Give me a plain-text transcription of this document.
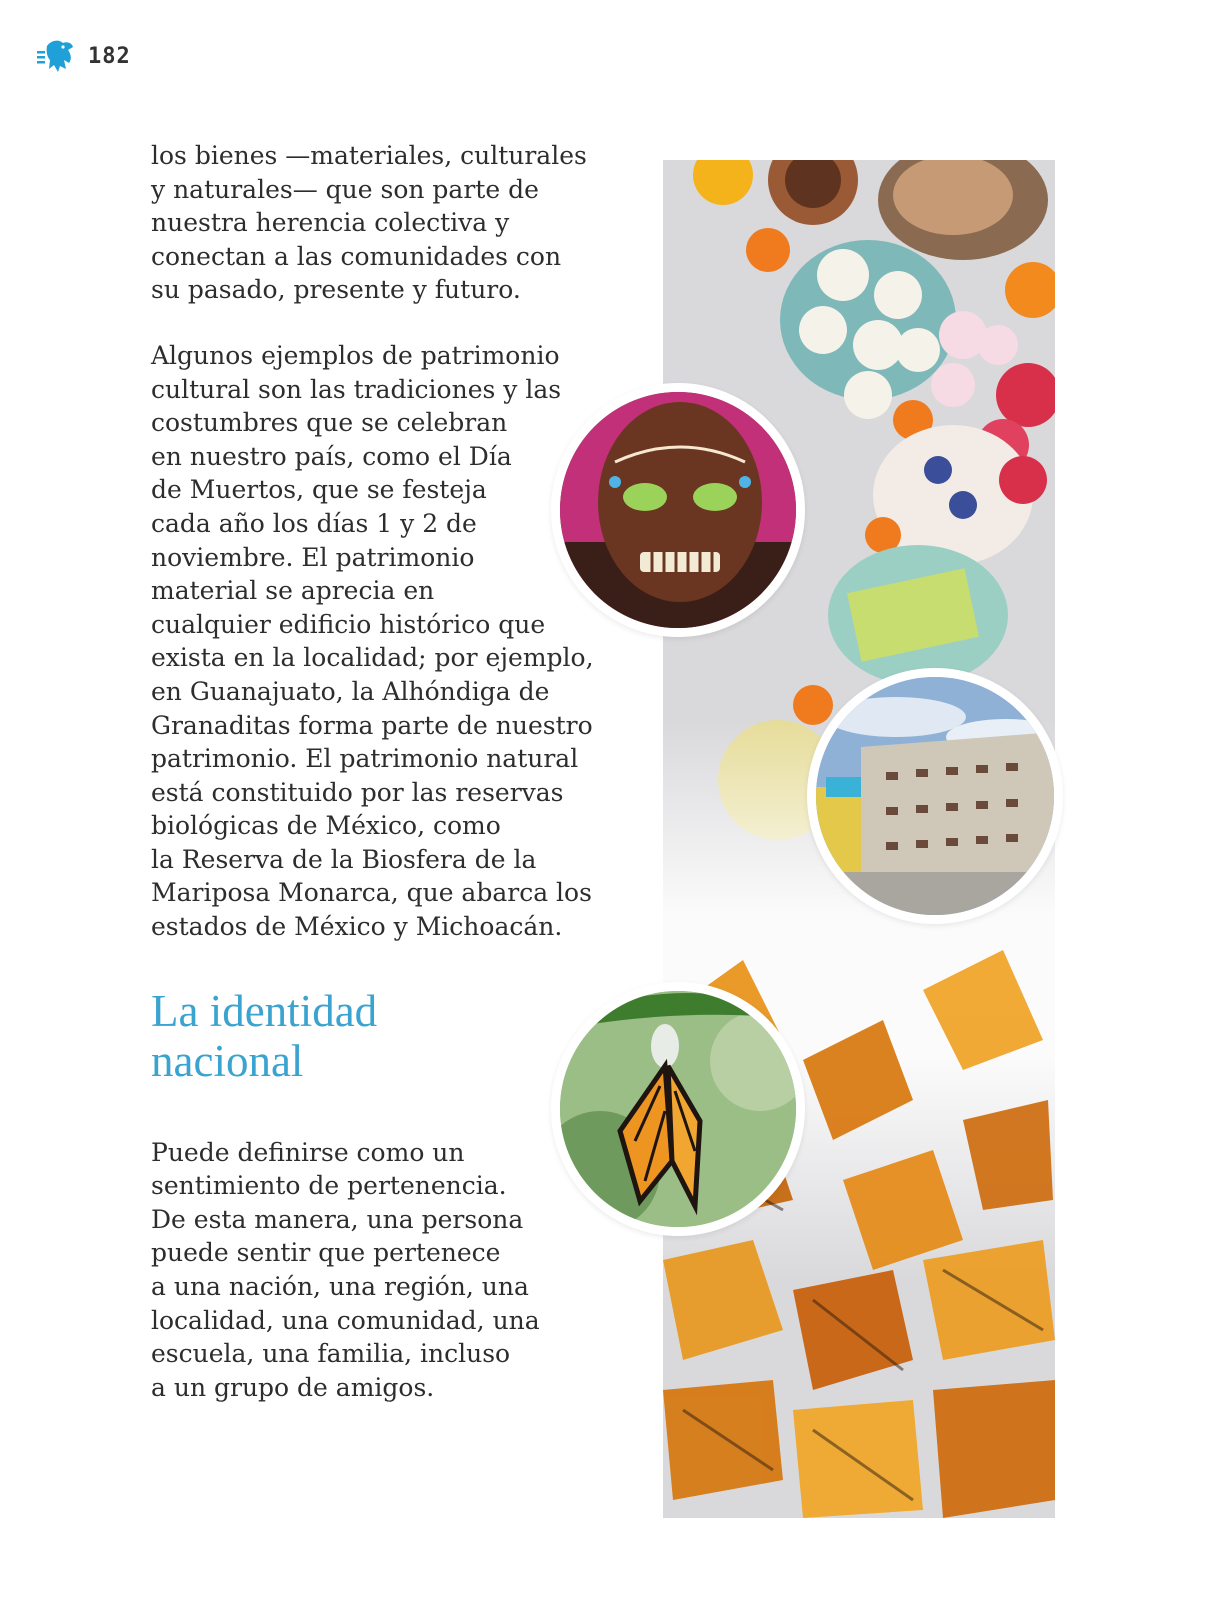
182

los bienes —materiales, culturales
y naturales— que son parte de
nuestra herencia colectiva y
conectan a las comunidades con
su pasado, presente y futuro.

Algunos ejemplos de patrimonio
cultural son las tradiciones y las
costumbres que se celebran
en nuestro país, como el Día
de Muertos, que se festeja
cada año los días 1 y 2 de
noviembre. El patrimonio
material se aprecia en
cualquier edificio histórico que
exista en la localidad; por ejemplo,
en Guanajuato, la Alhóndiga de
Granaditas forma parte de nuestro
patrimonio. El patrimonio natural
está constituido por las reservas
biológicas de México, como
la Reserva de la Biosfera de la
Mariposa Monarca, que abarca los
estados de México y Michoacán.

La identidad
nacional

Puede definirse como un
sentimiento de pertenencia.
De esta manera, una persona
puede sentir que pertenece
a una nación, una región, una
localidad, una comunidad, una
escuela, una familia, incluso
a un grupo de amigos.
